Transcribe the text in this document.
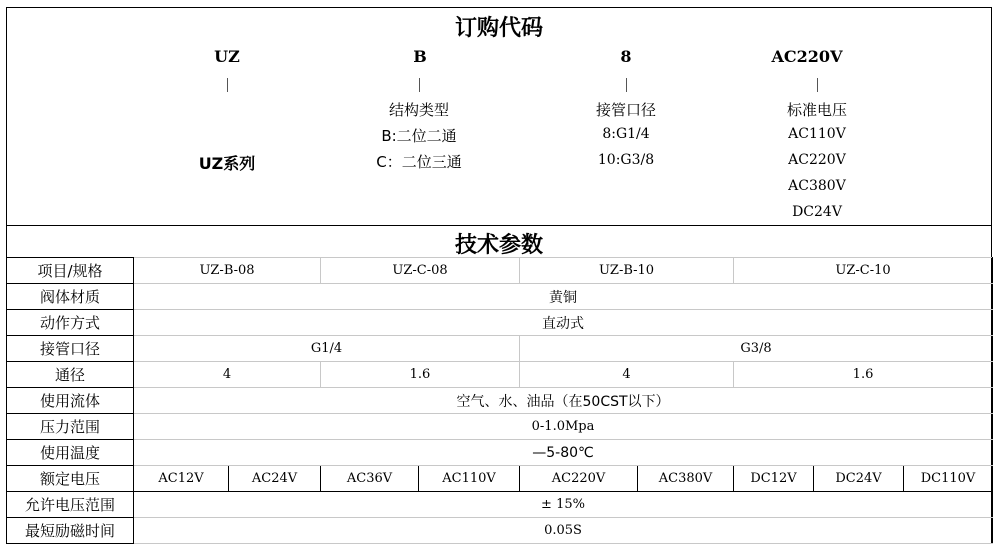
订购代码
UZ	B	8	AC220V
UZ系列
结构类型
B:二位二通
C：二位三通
接管口径
8:G1/4
10:G3/8
标准电压
AC110V
AC220V
AC380V
DC24V
技术参数
项目/规格	UZ-B-08		UZ-C-08		UZ-B-10		UZ-C-10		
阀体材质	黄铜								
动作方式	直动式								
接管口径	G1/4				G3/8				
通径	4		1.6		4		1.6		
使用流体	空气、水、油品（在50CST以下）								
压力范围	0-1.0Mpa								
使用温度	—5-80℃								
额定电压	AC12V	AC24V	AC36V	AC110V	AC220V	AC380V	DC12V	DC24V	DC110V
允许电压范围	± 15%								
最短励磁时间	0.05S								
